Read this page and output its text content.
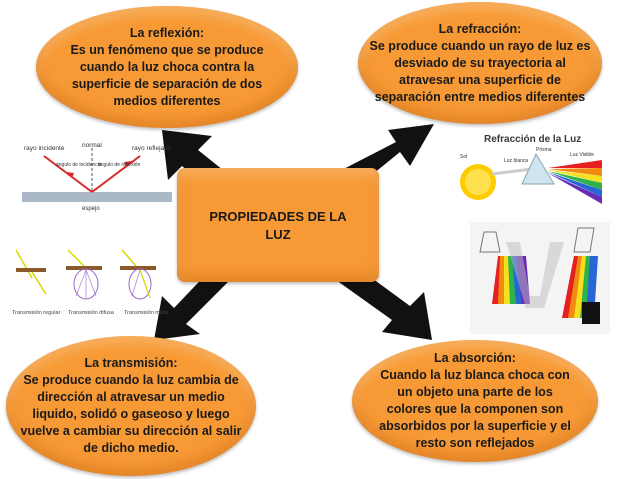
PROPIEDADES DE LA LUZ
La reflexión:
Es un fenómeno que se produce cuando la luz choca contra la superficie de separación de dos medios diferentes
La refracción:
Se produce cuando un rayo de luz es desviado de su trayectoria al atravesar una superficie de separación entre medios diferentes
La transmisión:
Se produce cuando la luz cambia de dirección al atravesar un medio liquido, solidó o gaseoso y luego vuelve a cambiar su dirección al salir de dicho medio.
La absorción:
Cuando la luz blanca choca con un objeto una parte de los colores que la componen son absorbidos por la superficie y el resto son reflejados
rayo incidente	normal	rayo reflejado
ángulo de incidencia
ángulo de reflexión
espejo
Refracción de la Luz
Sol
Luz blanca
Prisma
Luz Visible
Transmisión regular Transmisión difusa Transmisión mixta
